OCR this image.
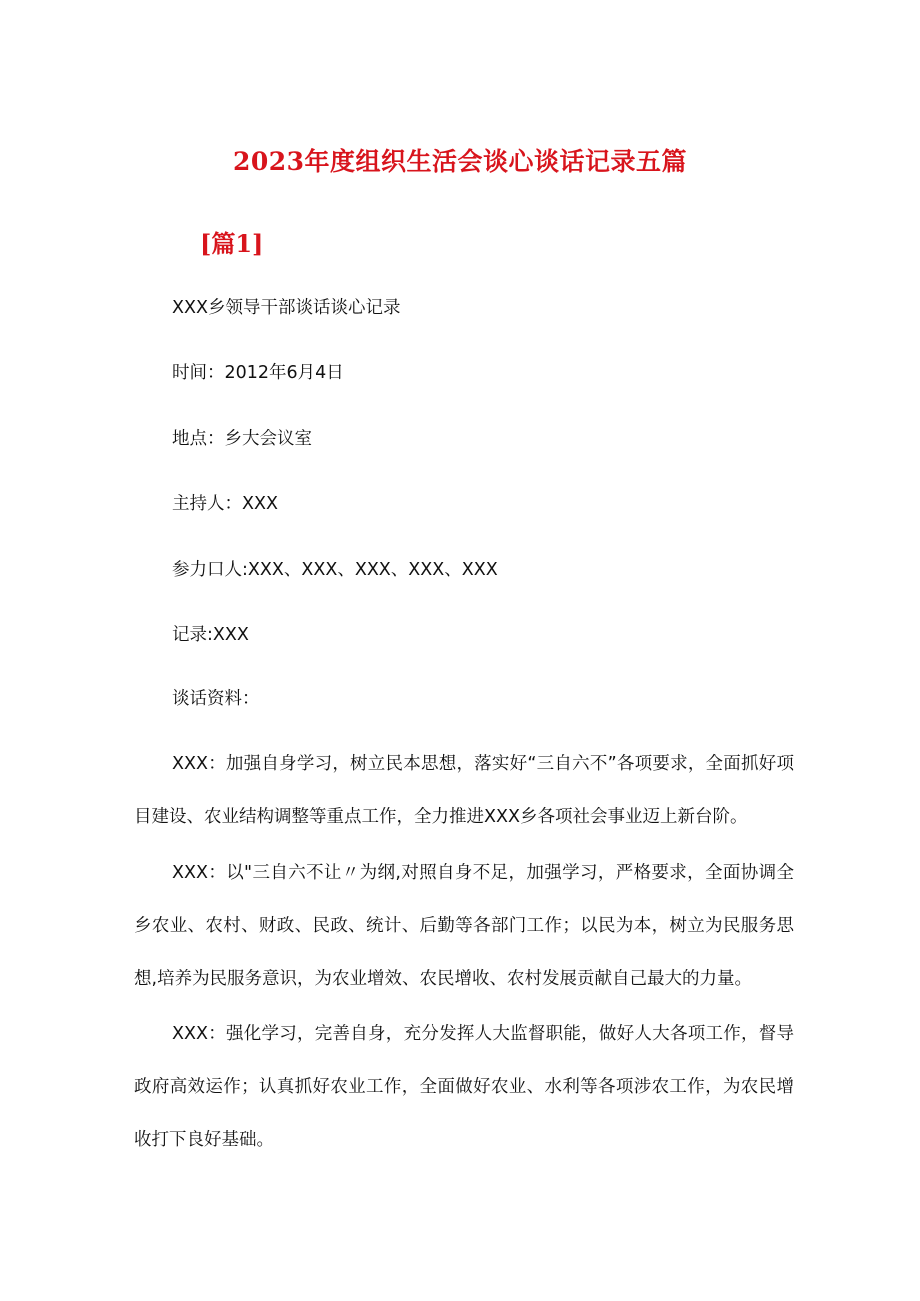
2023年度组织生活会谈心谈话记录五篇
[篇1]
XXX乡领导干部谈话谈心记录
时间：2012年6月4日
地点：乡大会议室
主持人：XXX
参力口人:XXX、XXX、XXX、XXX、XXX
记录:XXX
谈话资料：
XXX：加强自身学习，树立民本思想，落实好“三自六不”各项要求，全面抓好项目建设、农业结构调整等重点工作，全力推进XXX乡各项社会事业迈上新台阶。
XXX：以"三自六不让〃为纲,对照自身不足，加强学习，严格要求，全面协调全乡农业、农村、财政、民政、统计、后勤等各部门工作；以民为本，树立为民服务思想,培养为民服务意识，为农业增效、农民增收、农村发展贡献自己最大的力量。
XXX：强化学习，完善自身，充分发挥人大监督职能，做好人大各项工作，督导政府高效运作；认真抓好农业工作，全面做好农业、水利等各项涉农工作，为农民增收打下良好基础。
